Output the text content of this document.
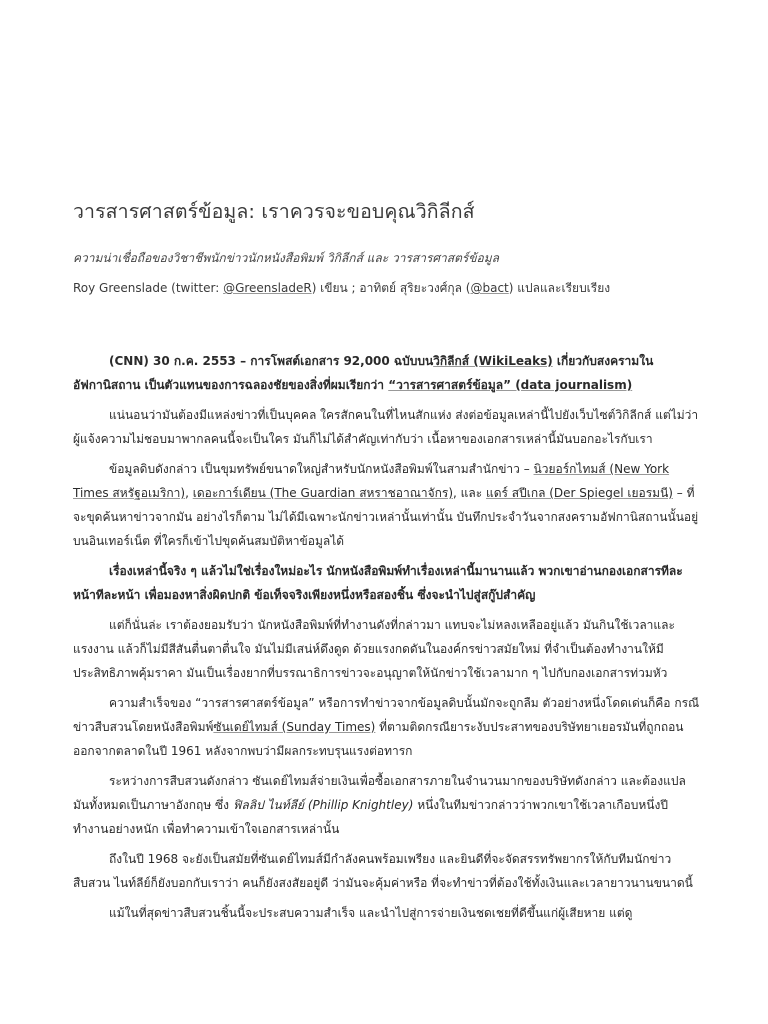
วารสารศาสตร์ข้อมูล: เราควรจะขอบคุณวิกิลีกส์
ความน่าเชื่อถือของวิชาชีพนักข่าวนักหนังสือพิมพ์ วิกิลีกส์ และ วารสารศาสตร์ข้อมูล
Roy Greenslade (twitter: @GreensladeR) เขียน ; อาทิตย์ สุริยะวงศ์กุล (@bact) แปลและเรียบเรียง

(CNN) 30 ก.ค. 2553 – การโพสต์เอกสาร 92,000 ฉบับบนวิกิลีกส์ (WikiLeaks) เกี่ยวกับสงครามในอัฟกานิสถาน เป็นตัวแทนของการฉลองชัยของสิ่งที่ผมเรียกว่า “วารสารศาสตร์ข้อมูล” (data journalism)

แน่นอนว่ามันต้องมีแหล่งข่าวที่เป็นบุคคล ใครสักคนในที่ไหนสักแห่ง ส่งต่อข้อมูลเหล่านี้ไปยังเว็บไซต์วิกิลีกส์ แต่ไม่ว่าผู้แจ้งความไม่ชอบมาพากลคนนี้จะเป็นใคร มันก็ไม่ได้สำคัญเท่ากับว่า เนื้อหาของเอกสารเหล่านี้มันบอกอะไรกับเรา

ข้อมูลดิบดังกล่าว เป็นขุมทรัพย์ขนาดใหญ่สำหรับนักหนังสือพิมพ์ในสามสำนักข่าว – นิวยอร์กไทมส์ (New York Times สหรัฐอเมริกา), เดอะการ์เดียน (The Guardian สหราชอาณาจักร), และ แดร์ สปีเกล (Der Spiegel เยอรมนี) – ที่จะขุดค้นหาข่าวจากมัน อย่างไรก็ตาม ไม่ได้มีเฉพาะนักข่าวเหล่านั้นเท่านั้น บันทึกประจำวันจากสงครามอัฟกานิสถานนั้นอยู่บนอินเทอร์เน็ต ที่ใครก็เข้าไปขุดค้นสมบัติหาข้อมูลได้

เรื่องเหล่านี้จริง ๆ แล้วไม่ใช่เรื่องใหม่อะไร นักหนังสือพิมพ์ทำเรื่องเหล่านี้มานานแล้ว พวกเขาอ่านกองเอกสารทีละหน้าทีละหน้า เพื่อมองหาสิ่งผิดปกติ ข้อเท็จจริงเพียงหนึ่งหรือสองชิ้น ซึ่งจะนำไปสู่สกู๊ปสำคัญ

แต่ก็นั่นล่ะ เราต้องยอมรับว่า นักหนังสือพิมพ์ที่ทำงานดังที่กล่าวมา แทบจะไม่หลงเหลืออยู่แล้ว มันกินใช้เวลาและแรงงาน แล้วก็ไม่มีสีสันตื่นตาตื่นใจ มันไม่มีเสน่ห์ดึงดูด ด้วยแรงกดดันในองค์กรข่าวสมัยใหม่ ที่จำเป็นต้องทำงานให้มีประสิทธิภาพคุ้มราคา มันเป็นเรื่องยากที่บรรณาธิการข่าวจะอนุญาตให้นักข่าวใช้เวลามาก ๆ ไปกับกองเอกสารท่วมหัว

ความสำเร็จของ “วารสารศาสตร์ข้อมูล” หรือการทำข่าวจากข้อมูลดิบนั้นมักจะถูกลืม ตัวอย่างหนึ่งโดดเด่นก็คือ กรณีข่าวสืบสวนโดยหนังสือพิมพ์ซันเดย์ไทมส์ (Sunday Times) ที่ตามติดกรณียาระงับประสาทของบริษัทยาเยอรมันที่ถูกถอนออกจากตลาดในปี 1961 หลังจากพบว่ามีผลกระทบรุนแรงต่อทารก

ระหว่างการสืบสวนดังกล่าว ซันเดย์ไทมส์จ่ายเงินเพื่อซื้อเอกสารภายในจำนวนมากของบริษัทดังกล่าว และต้องแปลมันทั้งหมดเป็นภาษาอังกฤษ ซึ่ง ฟิลลิป ไนท์ลีย์ (Phillip Knightley) หนึ่งในทีมข่าวกล่าวว่าพวกเขาใช้เวลาเกือบหนึ่งปี ทำงานอย่างหนัก เพื่อทำความเข้าใจเอกสารเหล่านั้น

ถึงในปี 1968 จะยังเป็นสมัยที่ซันเดย์ไทมส์มีกำลังคนพร้อมเพรียง และยินดีที่จะจัดสรรทรัพยากรให้กับทีมนักข่าวสืบสวน ไนท์ลีย์ก็ยังบอกกับเราว่า คนก็ยังสงสัยอยู่ดี ว่ามันจะคุ้มค่าหรือ ที่จะทำข่าวที่ต้องใช้ทั้งเงินและเวลายาวนานขนาดนี้

แม้ในที่สุดข่าวสืบสวนชิ้นนี้จะประสบความสำเร็จ และนำไปสู่การจ่ายเงินชดเชยที่ดีขึ้นแก่ผู้เสียหาย แต่ดู
